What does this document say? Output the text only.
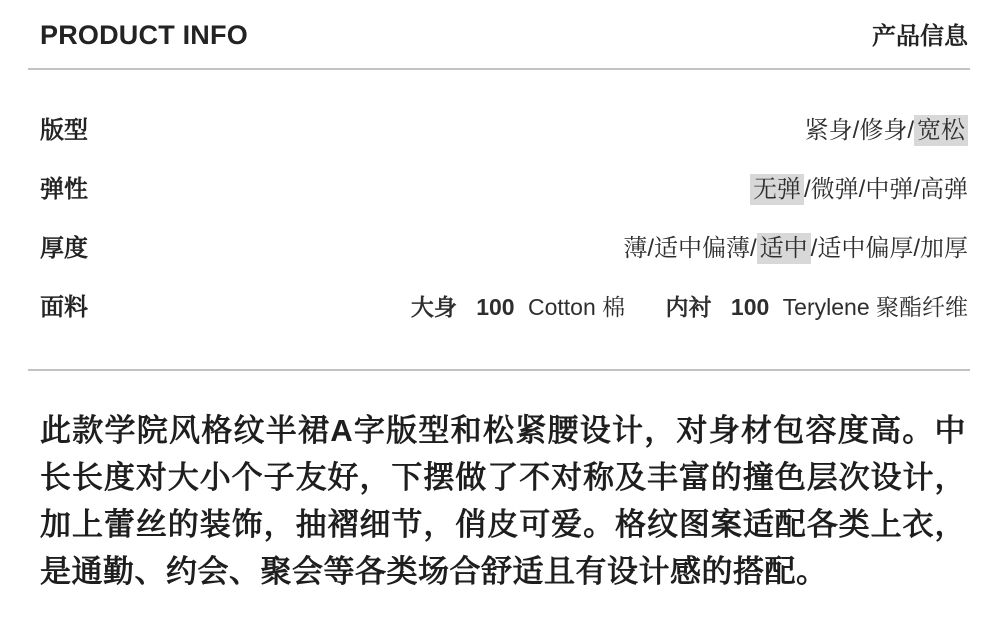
PRODUCT INFO	产品信息
版型	紧身/修身/ 宽松
弹性	无弹 /微弹/中弹/高弹
厚度	薄/适中偏薄/ 适中 /适中偏厚/加厚
面料	大身 100 Cotton 棉 内衬 100 Terylene 聚酯纤维

此款学院风格纹半裙A字版型和松紧腰设计，对身材包容度高。中长长度对大小个子友好，下摆做了不对称及丰富的撞色层次设计，加上蕾丝的装饰，抽褶细节，俏皮可爱。格纹图案适配各类上衣，是通勤、约会、聚会等各类场合舒适且有设计感的搭配。
